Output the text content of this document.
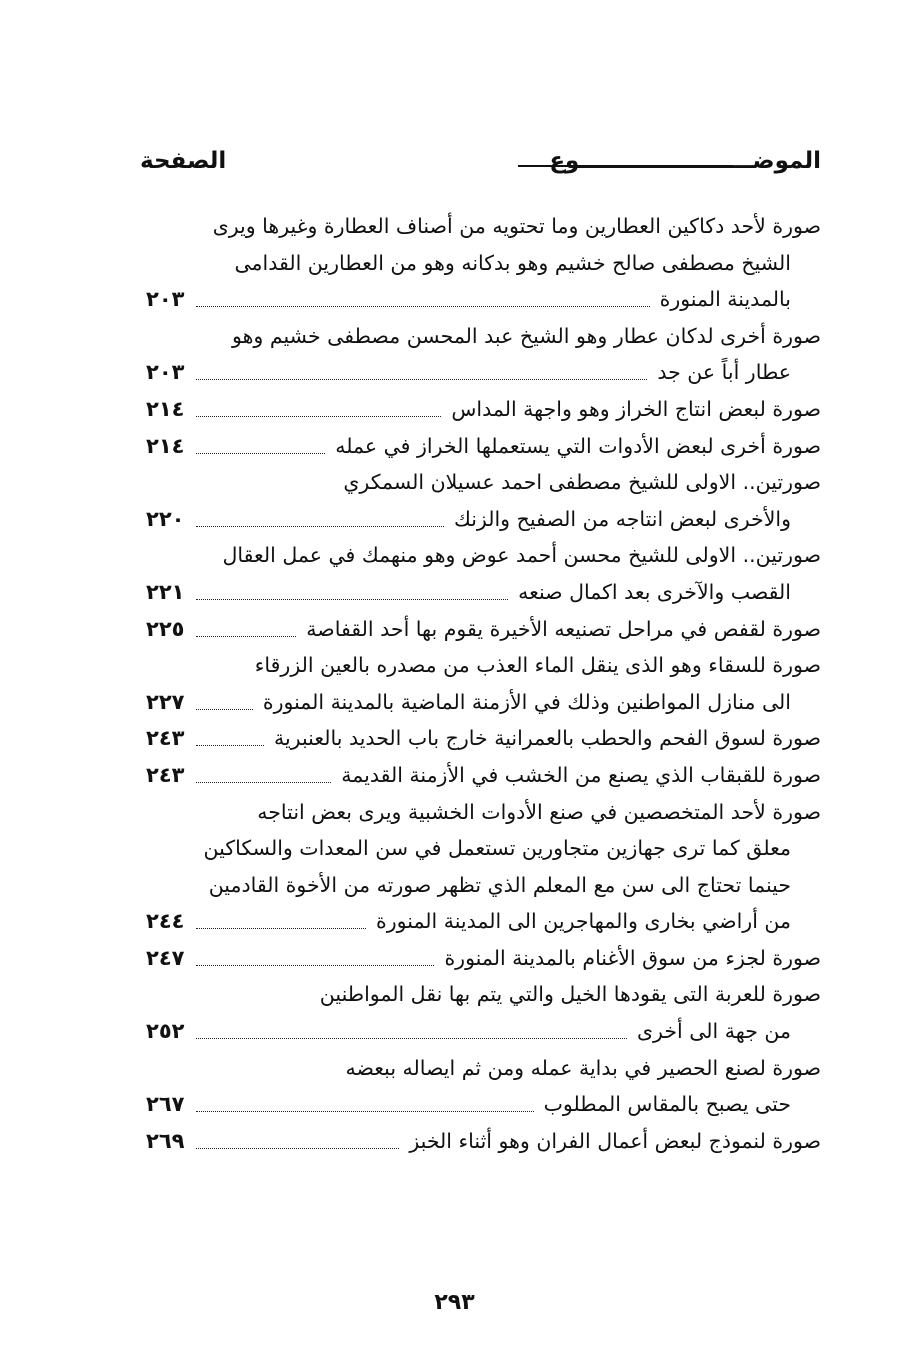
الموضــــــــــــــــــــــوع
الصفحة
صورة لأحد دكاكين العطارين وما تحتويه من أصناف العطارة وغيرها ويرى
الشيخ مصطفى صالح خشيم وهو بدكانه وهو من العطارين القدامى
بالمدينة المنورة
٢٠٣
صورة أخرى لدكان عطار وهو الشيخ عبد المحسن مصطفى خشيم وهو
عطار أباً عن جد
٢٠٣
صورة لبعض انتاج الخراز وهو واجهة المداس
٢١٤
صورة أخرى لبعض الأدوات التي يستعملها الخراز في عمله
٢١٤
صورتين.. الاولى للشيخ مصطفى احمد عسيلان السمكري
والأخرى لبعض انتاجه من الصفيح والزنك
٢٢٠
صورتين.. الاولى للشيخ محسن أحمد عوض وهو منهمك في عمل العقال
القصب والآخرى بعد اكمال صنعه
٢٢١
صورة لقفص في مراحل تصنيعه الأخيرة يقوم بها أحد القفاصة
٢٢٥
صورة للسقاء وهو الذى ينقل الماء العذب من مصدره بالعين الزرقاء
الى منازل المواطنين وذلك في الأزمنة الماضية بالمدينة المنورة
٢٢٧
صورة لسوق الفحم والحطب بالعمرانية خارج باب الحديد بالعنبرية
٢٤٣
صورة للقبقاب الذي يصنع من الخشب في الأزمنة القديمة
٢٤٣
صورة لأحد المتخصصين في صنع الأدوات الخشبية ويرى بعض انتاجه
معلق كما ترى جهازين متجاورين تستعمل في سن المعدات والسكاكين
حينما تحتاج الى سن مع المعلم الذي تظهر صورته من الأخوة القادمين
من أراضي بخارى والمهاجرين الى المدينة المنورة
٢٤٤
صورة لجزء من سوق الأغنام بالمدينة المنورة
٢٤٧
صورة للعربة التى يقودها الخيل والتي يتم بها نقل المواطنين
من جهة الى أخرى
٢٥٢
صورة لصنع الحصير في بداية عمله ومن ثم ايصاله ببعضه
حتى يصبح بالمقاس المطلوب
٢٦٧
صورة لنموذج لبعض أعمال الفران وهو أثناء الخبز
٢٦٩
٢٩٣
